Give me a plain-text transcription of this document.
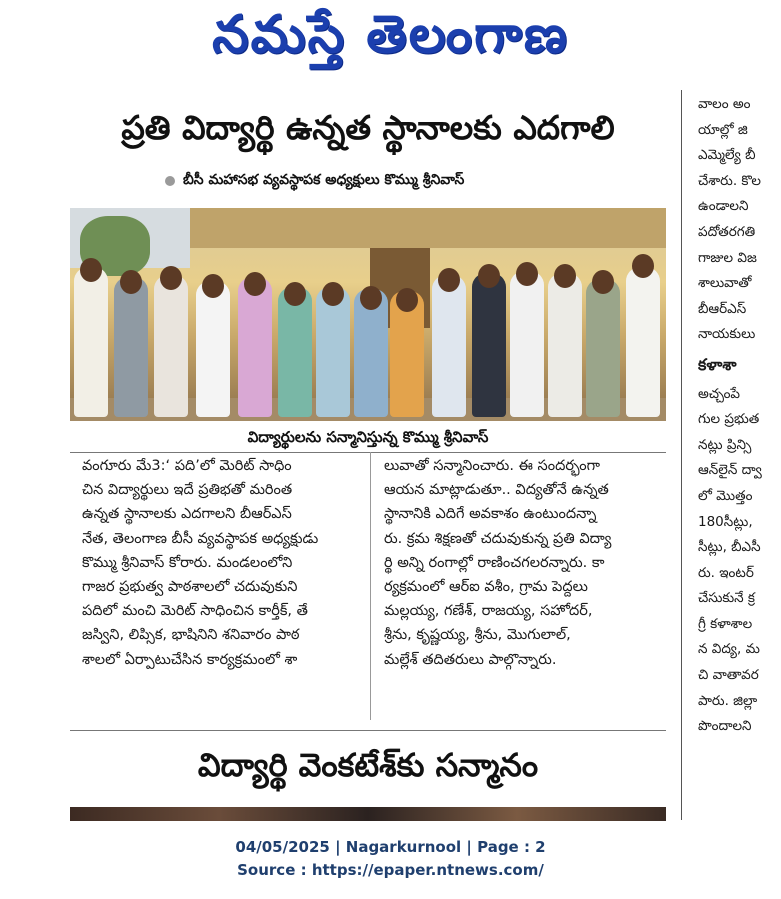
నమస్తే తెలంగాణ
ప్రతి విద్యార్థి ఉన్నత స్థానాలకు ఎదగాలి
బీసీ మహాసభ వ్యవస్థాపక అధ్యక్షులు కొమ్ము శ్రీనివాస్
విద్యార్థులను సన్మానిస్తున్న కొమ్ము శ్రీనివాస్
వంగూరు మే3:‘ పది’లో మెరిట్ సాధిం
చిన విద్యార్థులు ఇదే ప్రతిభతో మరింత
ఉన్నత స్థానాలకు ఎదగాలని బీఆర్ఎస్
నేత, తెలంగాణ బీసీ వ్యవస్థాపక అధ్యక్షుడు
కొమ్ము శ్రీనివాస్ కోరారు. మండలంలోని
గాజర ప్రభుత్వ పాఠశాలలో చదువుకుని
పదిలో మంచి మెరిట్ సాధించిన కార్తీక్, తే
జస్విని, లిప్సిక, భాషినిని శనివారం పాఠ
శాలలో ఏర్పాటుచేసిన కార్యక్రమంలో శా
లువాతో సన్మానించారు. ఈ సందర్భంగా
ఆయన మాట్లాడుతూ.. విద్యతోనే ఉన్నత
స్థానానికి ఎదిగే అవకాశం ఉంటుందన్నా
రు. క్రమ శిక్షణతో చదువుకున్న ప్రతి విద్యా
ర్థి అన్ని రంగాల్లో రాణించగలరన్నారు. కా
ర్యక్రమంలో ఆర్ఐ వశీం, గ్రామ పెద్దలు
మల్లయ్య, గణేశ్, రాజయ్య, సహోదర్,
శ్రీను, కృష్ణయ్య, శ్రీను, మొగులాల్,
మల్లేశ్ తదితరులు పాల్గొన్నారు.
విద్యార్థి వెంకటేశ్‌కు సన్మానం
వాలం అం
యాల్లో జి
ఎమ్మెల్యే బీ
చేశారు. కొల
ఉండాలని
పదోతరగతి
గాజుల విజ
శాలువాతో
బీఆర్ఎస్
నాయకులు
కళాశా
అచ్చంపే
గుల ప్రభుత
నట్లు ప్రిన్సి
ఆన్‌లైన్ ద్వా
లో మొత్తం
180సీట్లు,
సీట్లు, బీఎసీ
రు. ఇంటర్
చేసుకునే క్ర
గ్రీ కళాశాల
న విద్య, మ
చి వాతావర
పారు. జిల్లా
పొందాలని
04/05/2025 | Nagarkurnool | Page : 2
Source : https://epaper.ntnews.com/
